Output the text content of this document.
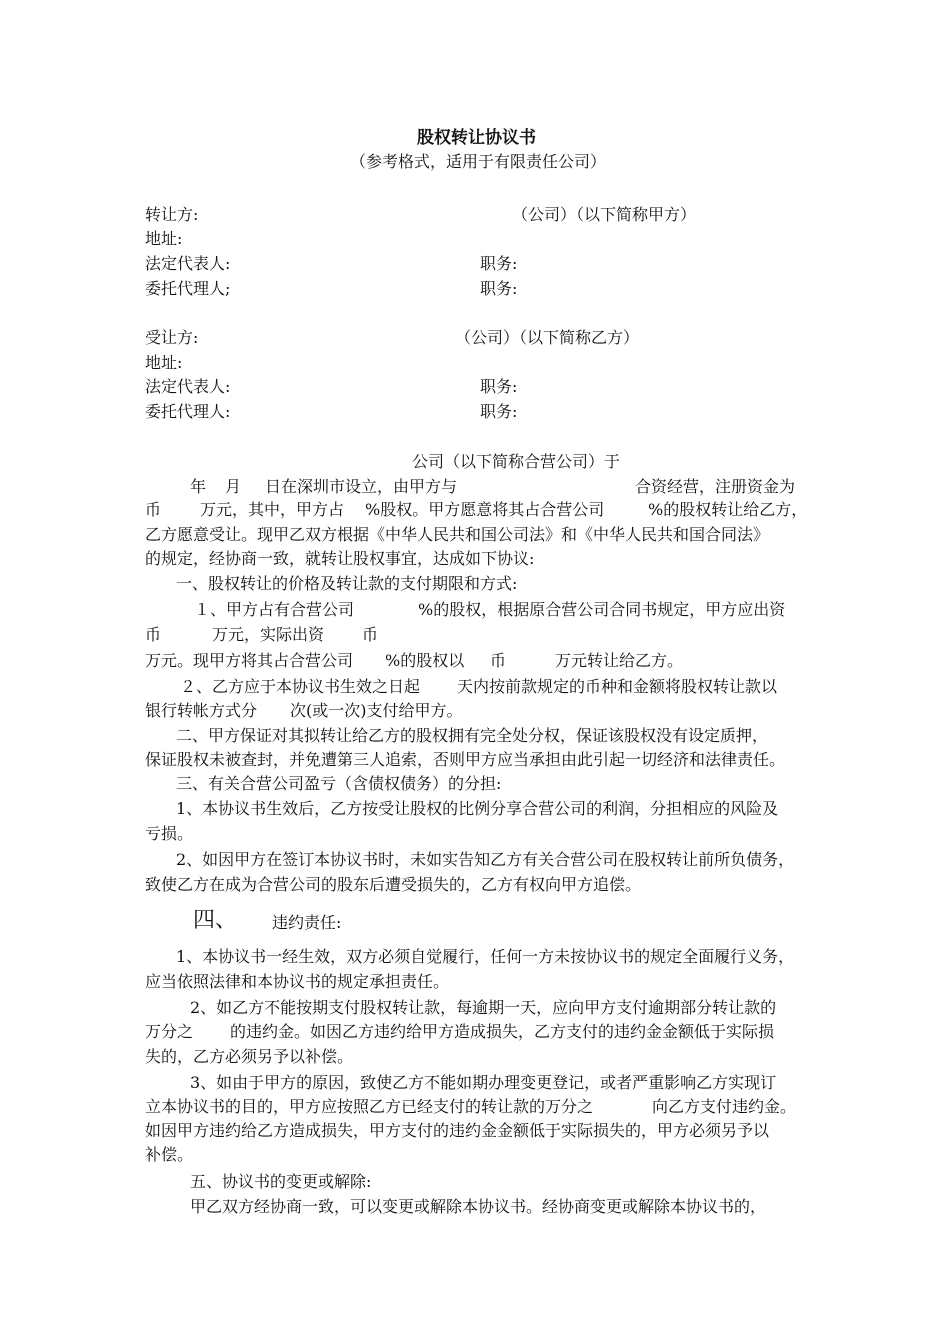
股权转让协议书
（参考格式，适用于有限责任公司）
转让方:	（公司）（以下简称甲方）
地址:
法定代表人:	职务:
委托代理人;	职务:
受让方:	（公司）（以下简称乙方）
地址:
法定代表人:	职务:
委托代理人:	职务:
公司（以下简称合营公司）于
年 月 日在深圳市设立，由甲方与	合资经营，注册资金为
币 万元，其中，甲方占 %股权。甲方愿意将其占合营公司	%的股权转让给乙方，
乙方愿意受让。现甲乙双方根据《中华人民共和国公司法》和《中华人民共和国合同法》
的规定，经协商一致，就转让股权事宜，达成如下协议:
一、股权转让的价格及转让款的支付期限和方式:
１、甲方占有合营公司	%的股权，根据原合营公司合同书规定，甲方应出资
币	万元，实际出资 币
万元。现甲方将其占合营公司 %的股权以 币	万元转让给乙方。
２、乙方应于本协议书生效之日起 天内按前款规定的币种和金额将股权转让款以
银行转帐方式分 次(或一次)支付给甲方。
二、甲方保证对其拟转让给乙方的股权拥有完全处分权，保证该股权没有设定质押，
保证股权未被查封，并免遭第三人追索，否则甲方应当承担由此引起一切经济和法律责任。
三、有关合营公司盈亏（含债权债务）的分担:
1、本协议书生效后，乙方按受让股权的比例分享合营公司的利润，分担相应的风险及
亏损。
2、如因甲方在签订本协议书时，未如实告知乙方有关合营公司在股权转让前所负债务，
致使乙方在成为合营公司的股东后遭受损失的，乙方有权向甲方追偿。
四、 违约责任:
1、本协议书一经生效，双方必须自觉履行，任何一方未按协议书的规定全面履行义务，
应当依照法律和本协议书的规定承担责任。
2、如乙方不能按期支付股权转让款，每逾期一天，应向甲方支付逾期部分转让款的
万分之 的违约金。如因乙方违约给甲方造成损失，乙方支付的违约金金额低于实际损
失的，乙方必须另予以补偿。
3、如由于甲方的原因，致使乙方不能如期办理变更登记，或者严重影响乙方实现订
立本协议书的目的，甲方应按照乙方已经支付的转让款的万分之	向乙方支付违约金。
如因甲方违约给乙方造成损失，甲方支付的违约金金额低于实际损失的，甲方必须另予以
补偿。
五、协议书的变更或解除:
甲乙双方经协商一致，可以变更或解除本协议书。经协商变更或解除本协议书的，
